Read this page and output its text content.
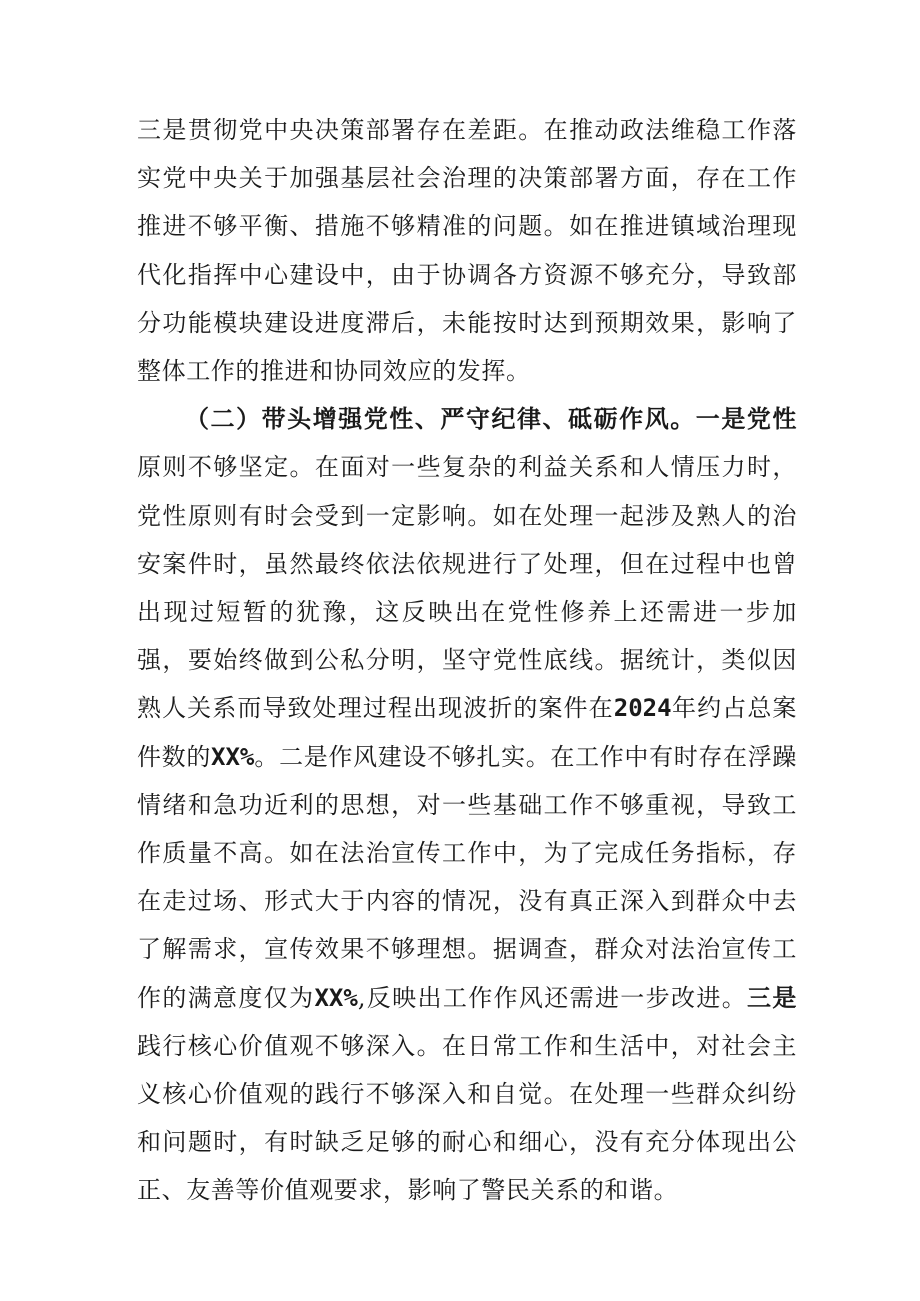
三是贯彻党中央决策部署存在差距。在推动政法维稳工作落实党中央关于加强基层社会治理的决策部署方面，存在工作推进不够平衡、措施不够精准的问题。如在推进镇域治理现代化指挥中心建设中，由于协调各方资源不够充分，导致部分功能模块建设进度滞后，未能按时达到预期效果，影响了整体工作的推进和协同效应的发挥。

（二）带头增强党性、严守纪律、砥砺作风。一是党性原则不够坚定。在面对一些复杂的利益关系和人情压力时，党性原则有时会受到一定影响。如在处理一起涉及熟人的治安案件时，虽然最终依法依规进行了处理，但在过程中也曾出现过短暂的犹豫，这反映出在党性修养上还需进一步加强，要始终做到公私分明，坚守党性底线。据统计，类似因熟人关系而导致处理过程出现波折的案件在2024年约占总案件数的XX%。二是作风建设不够扎实。在工作中有时存在浮躁情绪和急功近利的思想，对一些基础工作不够重视，导致工作质量不高。如在法治宣传工作中，为了完成任务指标，存在走过场、形式大于内容的情况，没有真正深入到群众中去了解需求，宣传效果不够理想。据调查，群众对法治宣传工作的满意度仅为XX%,反映出工作作风还需进一步改进。三是践行核心价值观不够深入。在日常工作和生活中，对社会主义核心价值观的践行不够深入和自觉。在处理一些群众纠纷和问题时，有时缺乏足够的耐心和细心，没有充分体现出公正、友善等价值观要求，影响了警民关系的和谐。
